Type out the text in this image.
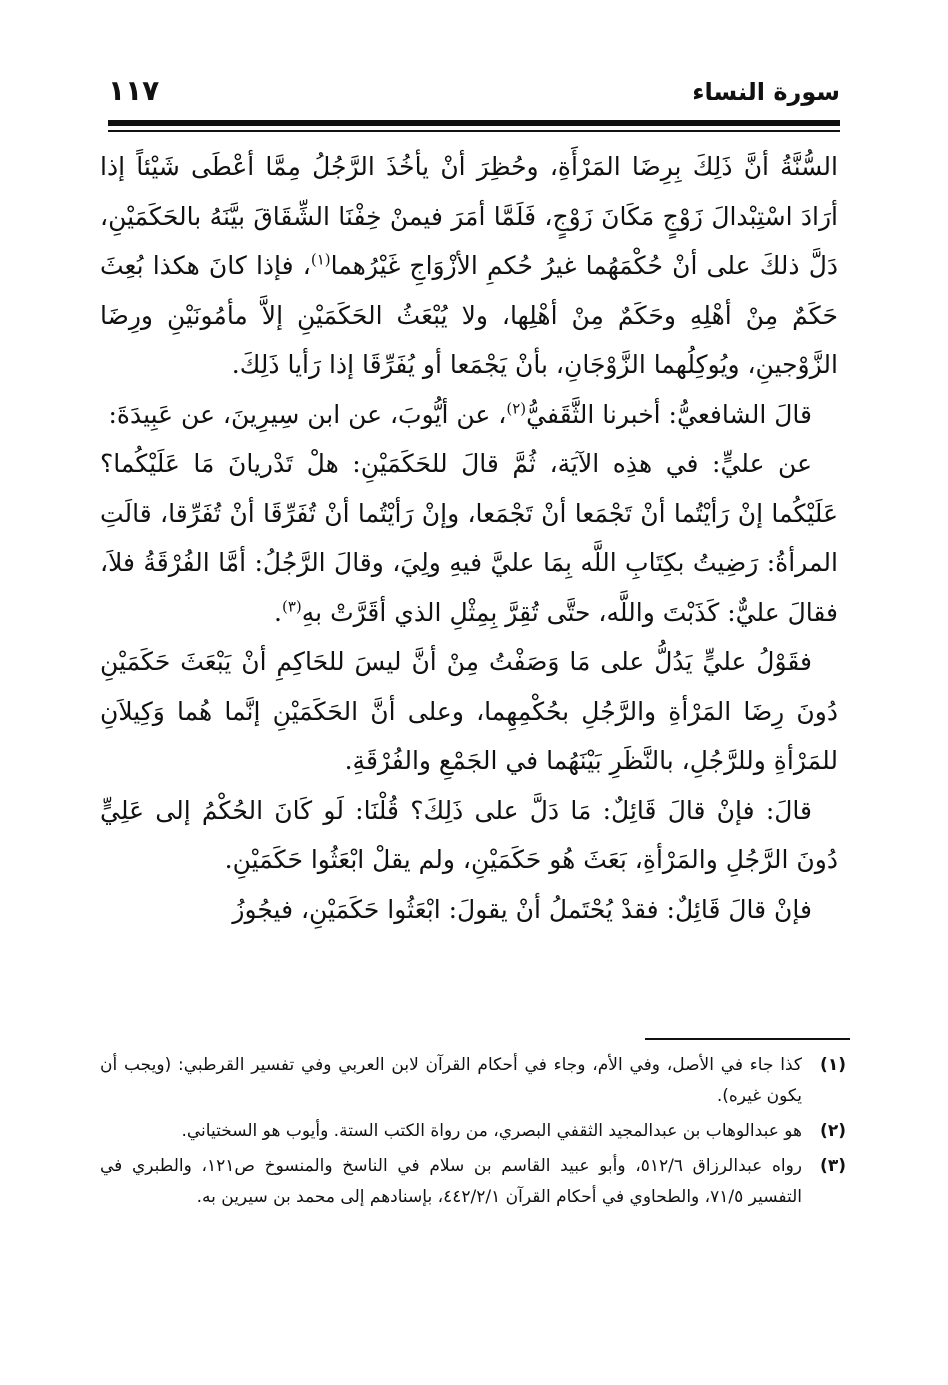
سورة النساء
١١٧

السُّنَّةُ أنَّ ذَلِكَ بِرِضَا المَرْأَةِ، وحُظِرَ أنْ يأخُذَ الرَّجُلُ مِمَّا أعْطَى شَيْئاً إذا أرَادَ اسْتِبْدالَ زَوْجٍ مَكَانَ زَوْجٍ، فَلَمَّا أمَرَ فيمنْ خِفْنَا الشِّقَاقَ بيَّنَهُ بالحَكَمَيْنِ، دَلَّ ذلكَ على أنْ حُكْمَهُما غيرُ حُكمِ الأزْوَاجِ غَيْرُهما$^{(١)}$، فإذا كانَ هكذا بُعِثَ حَكَمٌ مِنْ أهْلِهِ وحَكَمٌ مِنْ أهْلِها، ولا يُبْعَثُ الحَكَمَيْنِ إلاَّ مأمُونَيْنِ ورِضَا الزَّوْجينِ، ويُوكِلُهما الزَّوْجَانِ، بأنْ يَجْمَعا أو يُفَرِّقَا إذا رَأيا ذَلِكَ.

قالَ الشافعيُّ: أخبرنا الثَّقَفيُّ$^{(٢)}$، عن أيُّوبَ، عن ابن سِيرِينَ، عن عَبِيدَةَ:

عن عليٍّ: في هذِه الآيَة، ثُمَّ قالَ للحَكَمَيْنِ: هلْ تَدْريانَ مَا عَلَيْكُما؟ عَلَيْكُما إنْ رَأيْتُما أنْ تَجْمَعا أنْ تَجْمَعا، وإنْ رَأيْتُما أنْ تُفَرِّقَا أنْ تُفَرِّقا، قالَتِ المرأةُ: رَضِيتُ بكِتَابِ اللَّه بِمَا عليَّ فيهِ ولِيَ، وقالَ الرَّجُلُ: أمَّا الفُرْقَةُ فلاَ، فقالَ عليٌّ: كَذَبْتَ واللَّه، حتَّى تُقِرَّ بِمِثْلِ الذي أقَرَّتْ بهِ$^{(٣)}$.

فقَوْلُ عليٍّ يَدُلُّ على مَا وَصَفْتُ مِنْ أنَّ ليسَ للحَاكِمِ أنْ يَبْعَثَ حَكَمَيْنِ دُونَ رِضَا المَرْأةِ والرَّجُلِ بحُكْمِهِما، وعلى أنَّ الحَكَمَيْنِ إنَّما هُما وَكِيلاَنِ للمَرْأةِ وللرَّجُلِ، بالنَّظَرِ بَيْنَهُما في الجَمْعِ والفُرْقَةِ.

قالَ: فإنْ قالَ قَائِلٌ: مَا دَلَّ على ذَلِكَ؟ قُلْنَا: لَو كَانَ الحُكْمُ إلى عَلِيٍّ دُونَ الرَّجُلِ والمَرْأةِ، بَعَثَ هُو حَكَمَيْنِ، ولم يقلْ ابْعَثُوا حَكَمَيْنِ.

فإنْ قالَ قَائِلٌ: فقدْ يُحْتَملُ أنْ يقولَ: ابْعَثُوا حَكَمَيْنِ، فيجُوزُ

(١)
كذا جاء في الأصل، وفي الأم، وجاء في أحكام القرآن لابن العربي وفي تفسير القرطبي: (ويجب أن يكون غيره).
(٢)
هو عبدالوهاب بن عبدالمجيد الثقفي البصري، من رواة الكتب الستة. وأيوب هو السختياني.
(٣)
رواه عبدالرزاق ٥١٢/٦، وأبو عبيد القاسم بن سلام في الناسخ والمنسوخ ص١٢١، والطبري في التفسير ٧١/٥، والطحاوي في أحكام القرآن ٤٤٢/٢/١، بإسنادهم إلى محمد بن سيرين به.
